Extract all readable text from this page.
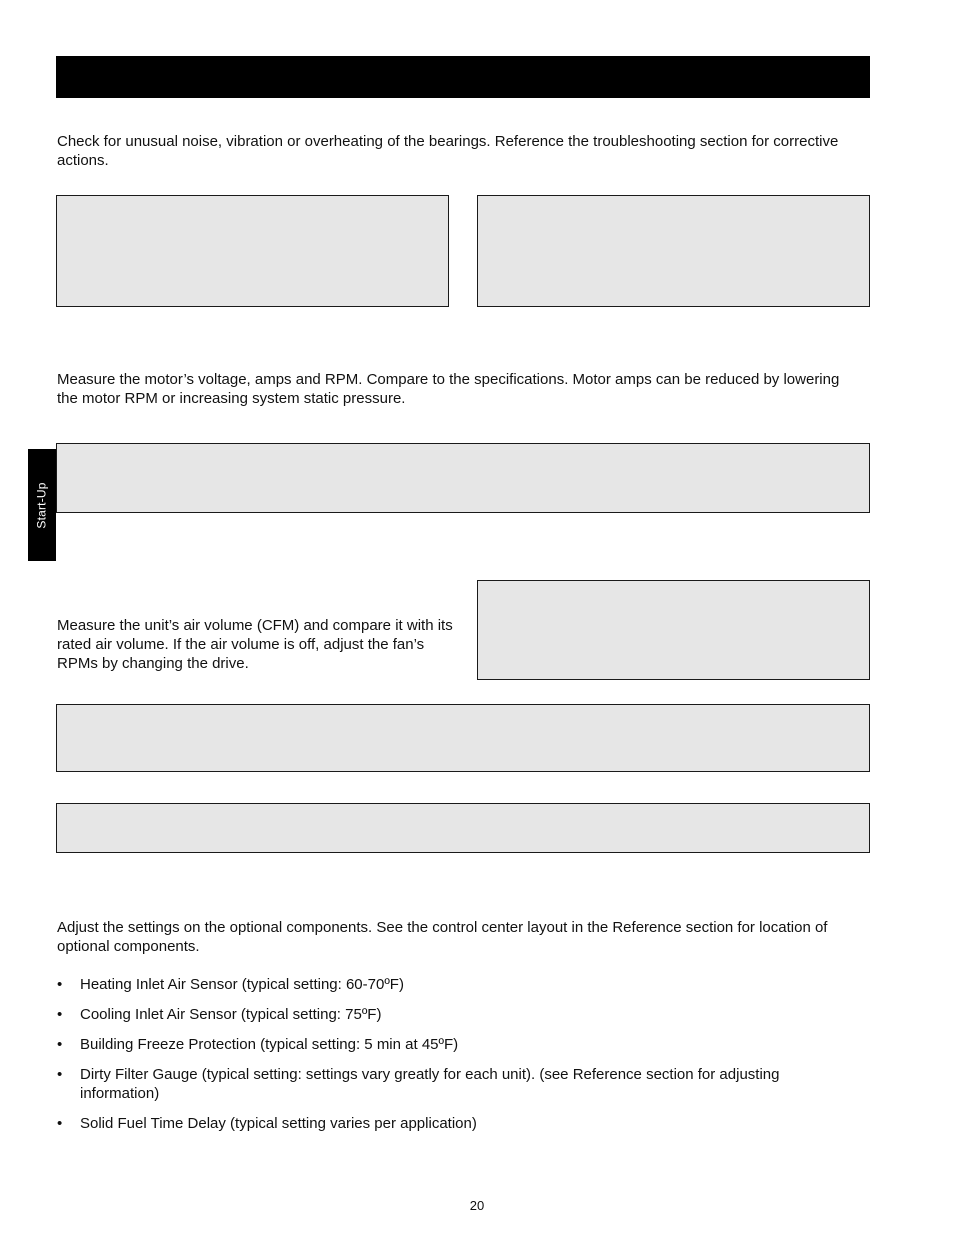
Check for unusual noise, vibration or overheating of the bearings. Reference the troubleshooting section for corrective actions.

Measure the motor’s voltage, amps and RPM. Compare to the specifications. Motor amps can be reduced by lowering the motor RPM or increasing system static pressure.

Start-Up

Measure the unit’s air volume (CFM) and compare it with its rated air volume. If the air volume is off, adjust the fan’s RPMs by changing the drive.

Adjust the settings on the optional components. See the control center layout in the Reference section for location of optional components.

• Heating Inlet Air Sensor (typical setting: 60-70ºF)
• Cooling Inlet Air Sensor (typical setting: 75ºF)
• Building Freeze Protection (typical setting: 5 min at 45ºF)
• Dirty Filter Gauge (typical setting: settings vary greatly for each unit). (see Reference section for adjusting information)
• Solid Fuel Time Delay (typical setting varies per application)
20
